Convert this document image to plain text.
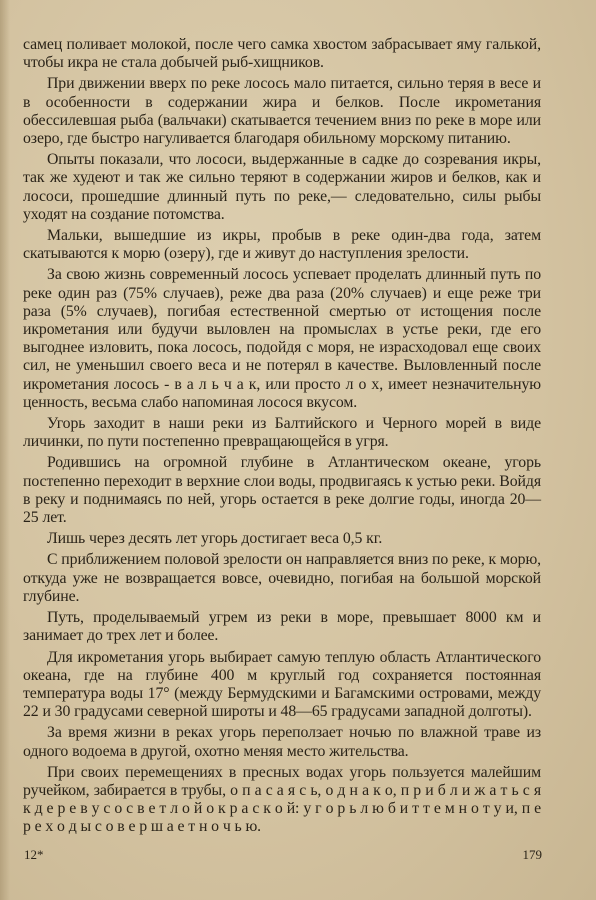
самец поливает молокой, после чего самка хвостом забрасывает яму галькой, чтобы икра не стала добычей рыб-хищников.

При движении вверх по реке лосось мало питается, сильно теряя в весе и в особенности в содержании жира и белков. После икрометания обессилевшая рыба (вальчаки) скатывается течением вниз по реке в море или озеро, где быстро нагуливается благодаря обильному морскому питанию.

Опыты показали, что лососи, выдержанные в садке до созревания икры, так же худеют и так же сильно теряют в содержании жиров и белков, как и лососи, прошедшие длинный путь по реке,— следовательно, силы рыбы уходят на создание потомства.

Мальки, вышедшие из икры, пробыв в реке один-два года, затем скатываются к морю (озеру), где и живут до наступления зрелости.

За свою жизнь современный лосось успевает проделать длинный путь по реке один раз (75% случаев), реже два раза (20% случаев) и еще реже три раза (5% случаев), погибая естественной смертью от истощения после икрометания или будучи выловлен на промыслах в устье реки, где его выгоднее изловить, пока лосось, подойдя с моря, не израсходовал еще своих сил, не уменьшил своего веса и не потерял в качестве. Выловленный после икрометания лосось - в а л ь ч а к, или просто л о х, имеет незначительную ценность, весьма слабо напоминая лосося вкусом.

Угорь заходит в наши реки из Балтийского и Черного морей в виде личинки, по пути постепенно превращающейся в угря.

Родившись на огромной глубине в Атлантическом океане, угорь постепенно переходит в верхние слои воды, продвигаясь к устью реки. Войдя в реку и поднимаясь по ней, угорь остается в реке долгие годы, иногда 20—25 лет.

Лишь через десять лет угорь достигает веса 0,5 кг.

С приближением половой зрелости он направляется вниз по реке, к морю, откуда уже не возвращается вовсе, очевидно, погибая на большой морской глубине.

Путь, проделываемый угрем из реки в море, превышает 8000 км и занимает до трех лет и более.

Для икрометания угорь выбирает самую теплую область Атлантического океана, где на глубине 400 м круглый год сохраняется постоянная температура воды 17° (между Бермудскими и Багамскими островами, между 22 и 30 градусами северной широты и 48—65 градусами западной долготы).

За время жизни в реках угорь переползает ночью по влажной траве из одного водоема в другой, охотно меняя место жительства.

При своих перемещениях в пресных водах угорь пользуется малейшим ручейком, забирается в трубы, о п а с а я с ь, о д н а к о, п р и б л и ж а т ь с я к д е р е в у с о с в е т л о й о к р а с к о й: у г о р ь л ю б и т т е м н о т у и, п е р е х о д ы с о в е р ш а е т н о ч ь ю.

12*	179
